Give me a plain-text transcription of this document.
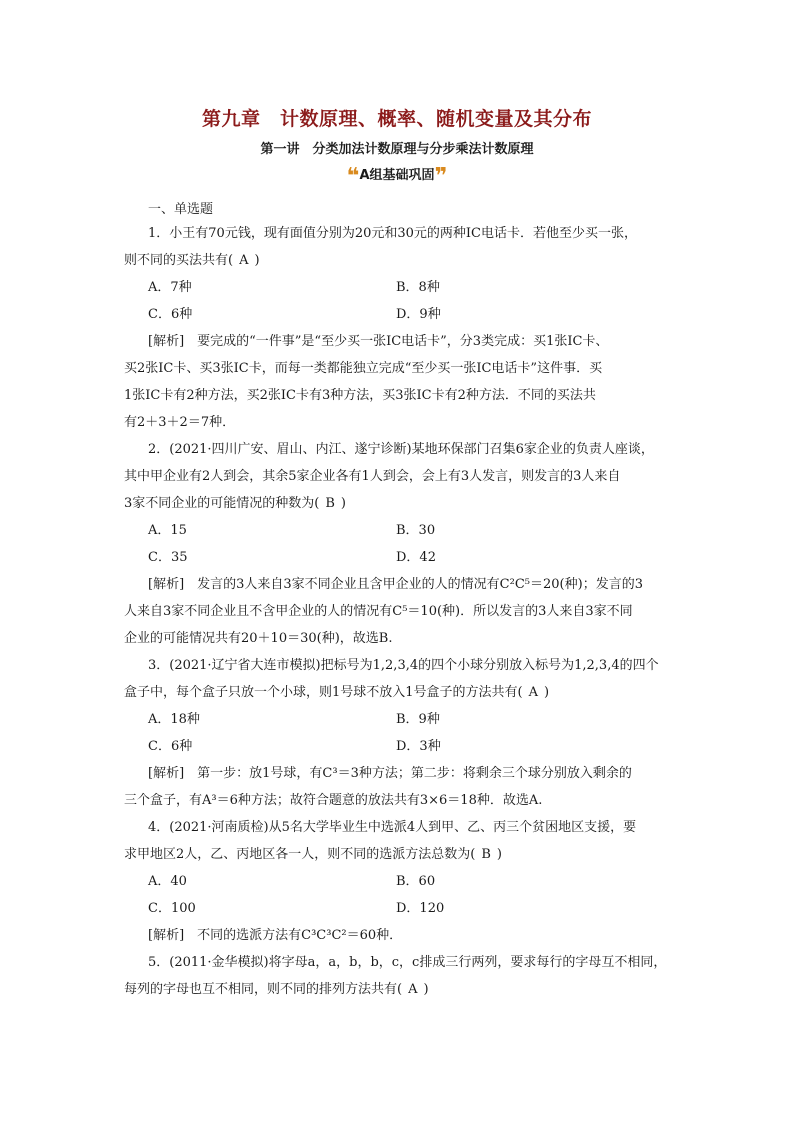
第九章　计数原理、概率、随机变量及其分布
第一讲　分类加法计数原理与分步乘法计数原理
❝A组基础巩固❞
一、单选题
1．小王有70元钱，现有面值分别为20元和30元的两种IC电话卡．若他至少买一张，
则不同的买法共有( A )
A．7种	B．8种
C．6种	D．9种
[解析]　要完成的“一件事”是“至少买一张IC电话卡”，分3类完成：买1张IC卡、
买2张IC卡、买3张IC卡，而每一类都能独立完成“至少买一张IC电话卡”这件事．买
1张IC卡有2种方法，买2张IC卡有3种方法，买3张IC卡有2种方法．不同的买法共
有2＋3＋2＝7种．
2．(2021·四川广安、眉山、内江、遂宁诊断)某地环保部门召集6家企业的负责人座谈，
其中甲企业有2人到会，其余5家企业各有1人到会，会上有3人发言，则发言的3人来自
3家不同企业的可能情况的种数为( B )
A．15	B．30
C．35	D．42
[解析]　发言的3人来自3家不同企业且含甲企业的人的情况有C²C⁵＝20(种)；发言的3
人来自3家不同企业且不含甲企业的人的情况有C⁵＝10(种)．所以发言的3人来自3家不同
企业的可能情况共有20＋10＝30(种)，故选B.
3．(2021·辽宁省大连市模拟)把标号为1,2,3,4的四个小球分别放入标号为1,2,3,4的四个
盒子中，每个盒子只放一个小球，则1号球不放入1号盒子的方法共有( A )
A．18种	B．9种
C．6种	D．3种
[解析]　第一步：放1号球，有C³＝3种方法；第二步：将剩余三个球分别放入剩余的
三个盒子，有A³＝6种方法；故符合题意的放法共有3×6＝18种．故选A.
4．(2021·河南质检)从5名大学毕业生中选派4人到甲、乙、丙三个贫困地区支援，要
求甲地区2人，乙、丙地区各一人，则不同的选派方法总数为( B )
A．40	B．60
C．100	D．120
[解析]　不同的选派方法有C³C³C²＝60种．
5．(2011·金华模拟)将字母a，a，b，b，c，c排成三行两列，要求每行的字母互不相同，
每列的字母也互不相同，则不同的排列方法共有( A )
